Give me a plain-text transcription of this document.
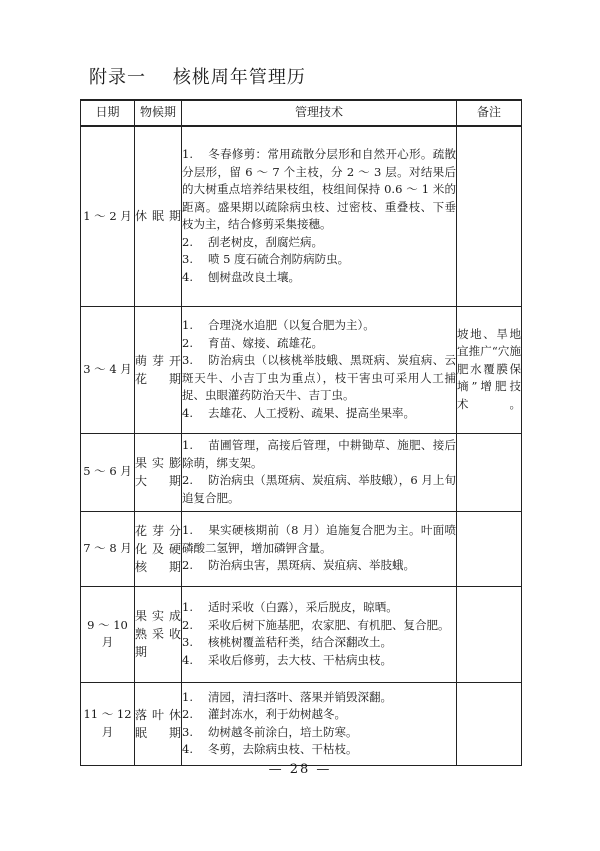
附录一    核桃周年管理历
日期	物候期	管理技术	备注
1 ～ 2 月	休 眠 期	1. 冬春修剪：常用疏散分层形和自然开心形。疏散分层形，留 6 ～ 7 个主枝，分 2 ～ 3 层。对结果后的大树重点培养结果枝组，枝组间保持 0.6 ～ 1 米的距离。盛果期以疏除病虫枝、过密枝、重叠枝、下垂枝为主，结合修剪采集接穗。
2. 刮老树皮，刮腐烂病。
3. 喷 5 度石硫合剂防病防虫。
4. 刨树盘改良土壤。	

3 ～ 4 月	萌 芽 开 花 期	1. 合理浇水追肥（以复合肥为主）。
2. 育苗、嫁接、疏雄花。
3. 防治病虫（以核桃举肢蛾、黑斑病、炭疽病、云斑天牛、小吉丁虫为重点），枝干害虫可采用人工捕捉、虫眼灌药防治天牛、吉丁虫。
4. 去雄花、人工授粉、疏果、提高坐果率。	坡地、旱地宜推广“穴施肥水覆膜保墒”增肥技术。
5 ～ 6 月	果 实 膨 大 期	1. 苗圃管理，高接后管理，中耕锄草、施肥、接后除萌，绑支架。
2. 防治病虫（黑斑病、炭疽病、举肢蛾），6 月上旬追复合肥。	

7 ～ 8 月	花 芽 分 化 及 硬 核期	1. 果实硬核期前（8 月）追施复合肥为主。叶面喷磷酸二氢钾，增加磷钾含量。
2. 防治病虫害，黑斑病、炭疽病、举肢蛾。	

9 ～ 10 月	果 实 成 熟 采 收 期	1. 适时采收（白露），采后脱皮，晾晒。
2. 采收后树下施基肥，农家肥、有机肥、复合肥。
3. 核桃树覆盖秸秆类，结合深翻改土。
4. 采收后修剪，去大枝、干枯病虫枝。	

11 ～ 12 月	落 叶 休 眠 期	1. 清园，清扫落叶、落果并销毁深翻。
2. 灌封冻水，利于幼树越冬。
3. 幼树越冬前涂白，培土防寒。
4. 冬剪，去除病虫枝、干枯枝。	

— 28 —
